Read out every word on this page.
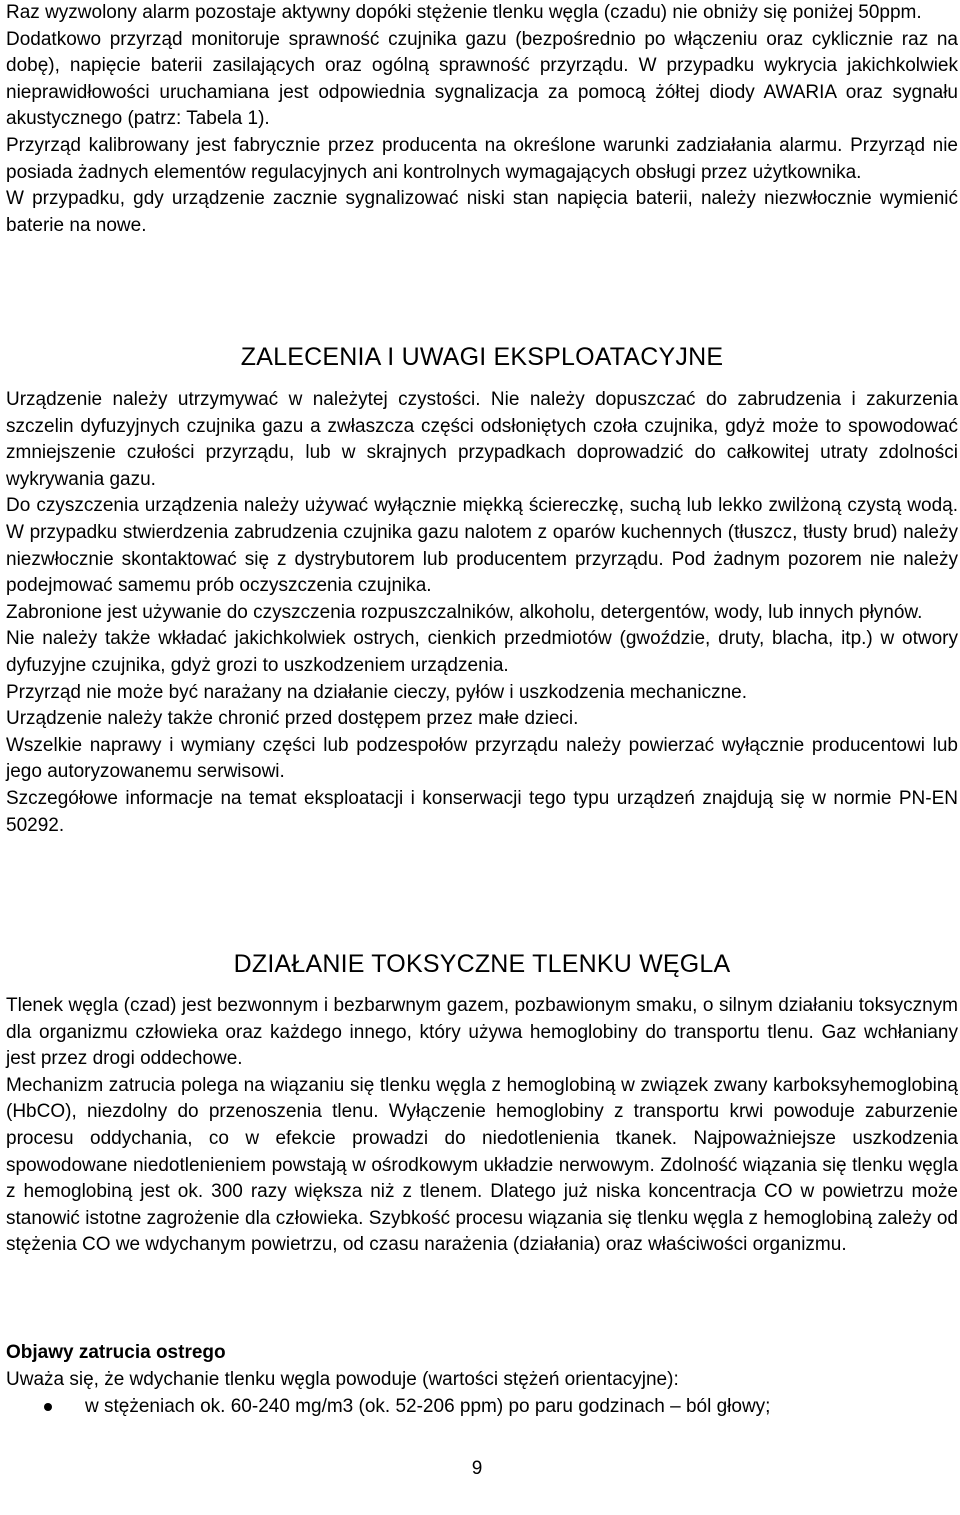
Raz wyzwolony alarm pozostaje aktywny dopóki stężenie tlenku węgla (czadu) nie obniży się poniżej 50ppm.

Dodatkowo przyrząd monitoruje sprawność czujnika gazu (bezpośrednio po włączeniu oraz cyklicznie raz na dobę), napięcie baterii zasilających oraz ogólną sprawność przyrządu. W przypadku wykrycia jakichkolwiek nieprawidłowości uruchamiana jest odpowiednia sygnalizacja za pomocą żółtej diody AWARIA oraz sygnału akustycznego (patrz: Tabela 1).

Przyrząd kalibrowany jest fabrycznie przez producenta na określone warunki zadziałania alarmu. Przyrząd nie posiada żadnych elementów regulacyjnych ani kontrolnych wymagających obsługi przez użytkownika.

W przypadku, gdy urządzenie zacznie sygnalizować niski stan napięcia baterii, należy niezwłocznie wymienić baterie na nowe.

ZALECENIA I UWAGI EKSPLOATACYJNE

Urządzenie należy utrzymywać w należytej czystości. Nie należy dopuszczać do zabrudzenia i zakurzenia szczelin dyfuzyjnych czujnika gazu a zwłaszcza części odsłoniętych czoła czujnika, gdyż może to spowodować zmniejszenie czułości przyrządu, lub w skrajnych przypadkach doprowadzić do całkowitej utraty zdolności wykrywania gazu.

Do czyszczenia urządzenia należy używać wyłącznie miękką ściereczkę, suchą lub lekko zwilżoną czystą wodą. W przypadku stwierdzenia zabrudzenia czujnika gazu nalotem z oparów kuchennych (tłuszcz, tłusty brud) należy niezwłocznie skontaktować się z dystrybutorem lub producentem przyrządu. Pod żadnym pozorem nie należy podejmować samemu prób oczyszczenia czujnika.

Zabronione jest używanie do czyszczenia rozpuszczalników, alkoholu, detergentów, wody, lub innych płynów.

Nie należy także wkładać jakichkolwiek ostrych, cienkich przedmiotów (gwoździe, druty, blacha, itp.) w otwory dyfuzyjne czujnika, gdyż grozi to uszkodzeniem urządzenia.

Przyrząd nie może być narażany na działanie cieczy, pyłów i uszkodzenia mechaniczne.

Urządzenie należy także chronić przed dostępem przez małe dzieci.

Wszelkie naprawy i wymiany części lub podzespołów przyrządu należy powierzać wyłącznie producentowi lub jego autoryzowanemu serwisowi.

Szczegółowe informacje na temat eksploatacji i konserwacji tego typu urządzeń znajdują się w normie PN-EN 50292.

DZIAŁANIE TOKSYCZNE TLENKU WĘGLA

Tlenek węgla (czad) jest bezwonnym i bezbarwnym gazem, pozbawionym smaku, o silnym działaniu toksycznym dla organizmu człowieka oraz każdego innego, który używa hemoglobiny do transportu tlenu. Gaz wchłaniany jest przez drogi oddechowe.

Mechanizm zatrucia polega na wiązaniu się tlenku węgla z hemoglobiną w związek zwany karboksyhemoglobiną (HbCO), niezdolny do przenoszenia tlenu. Wyłączenie hemoglobiny z transportu krwi powoduje zaburzenie procesu oddychania, co w efekcie prowadzi do niedotlenienia tkanek. Najpoważniejsze uszkodzenia spowodowane niedotlenieniem powstają w ośrodkowym układzie nerwowym. Zdolność wiązania się tlenku węgla z hemoglobiną jest ok. 300 razy większa niż z tlenem. Dlatego już niska koncentracja CO w powietrzu może stanowić istotne zagrożenie dla człowieka. Szybkość procesu wiązania się tlenku węgla z hemoglobiną zależy od stężenia CO we wdychanym powietrzu, od czasu narażenia (działania) oraz właściwości organizmu.

Objawy zatrucia ostrego

Uważa się, że wdychanie tlenku węgla powoduje (wartości stężeń orientacyjne):

w stężeniach ok. 60-240 mg/m3 (ok. 52-206 ppm) po paru godzinach – ból głowy;
9
